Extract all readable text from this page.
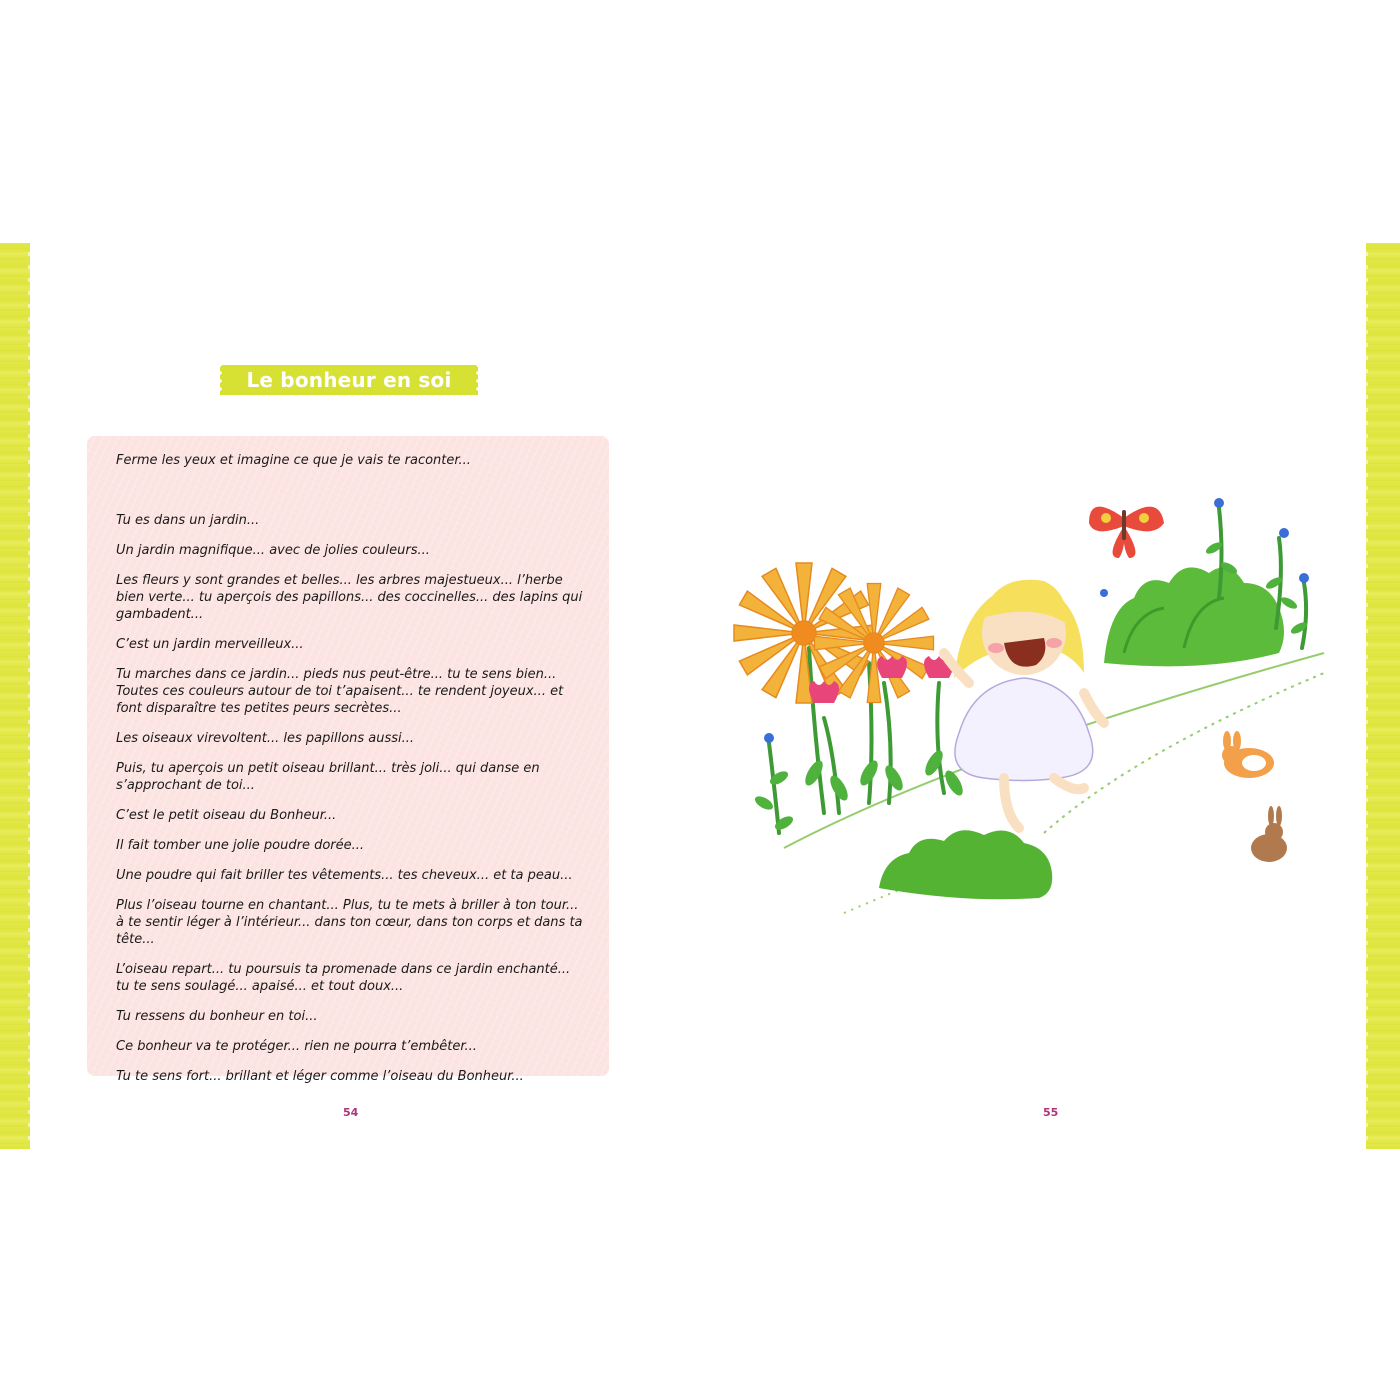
Le bonheur en soi

Ferme les yeux et imagine ce que je vais te raconter...

Tu es dans un jardin...

Un jardin magnifique... avec de jolies couleurs...

Les fleurs y sont grandes et belles... les arbres majestueux... l’herbe bien verte... tu aperçois des papillons... des coccinelles... des lapins qui gambadent...

C’est un jardin merveilleux...

Tu marches dans ce jardin... pieds nus peut-être... tu te sens bien... Toutes ces couleurs autour de toi t’apaisent... te rendent joyeux... et font disparaître tes petites peurs secrètes...

Les oiseaux virevoltent... les papillons aussi...

Puis, tu aperçois un petit oiseau brillant... très joli... qui danse en s’approchant de toi...

C’est le petit oiseau du Bonheur...

Il fait tomber une jolie poudre dorée...

Une poudre qui fait briller tes vêtements... tes cheveux... et ta peau...

Plus l’oiseau tourne en chantant... Plus, tu te mets à briller à ton tour... à te sentir léger à l’intérieur... dans ton cœur, dans ton corps et dans ta tête...

L’oiseau repart... tu poursuis ta promenade dans ce jardin enchanté... tu te sens soulagé... apaisé... et tout doux...

Tu ressens du bonheur en toi...

Ce bonheur va te protéger... rien ne pourra t’embêter...

Tu te sens fort... brillant et léger comme l’oiseau du Bonheur...

54	55
